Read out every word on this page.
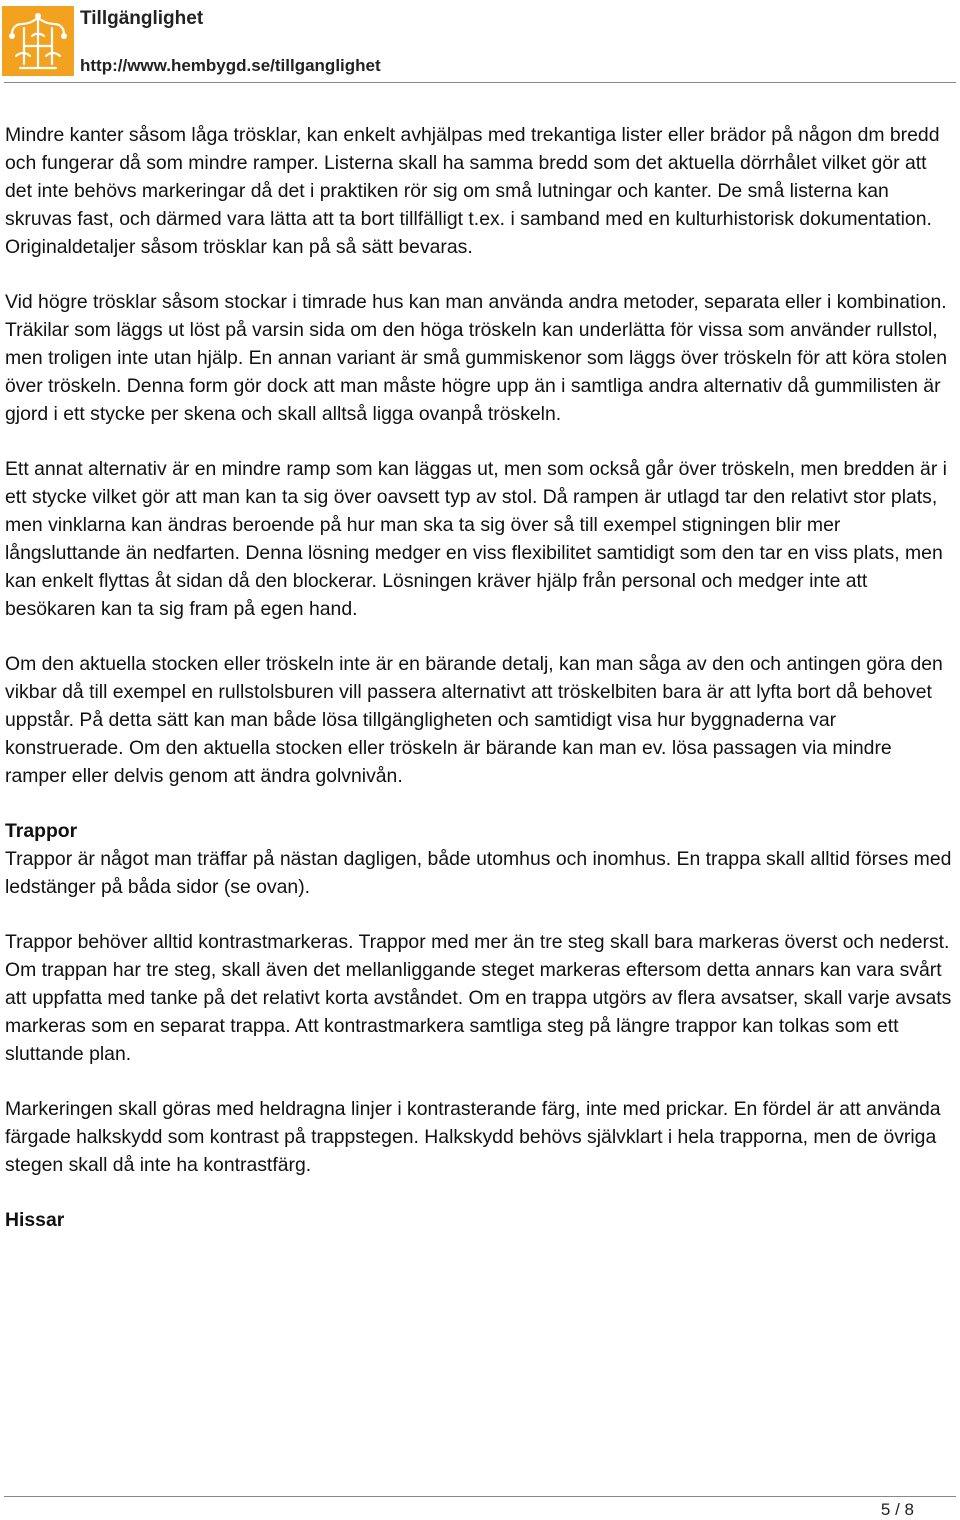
Tillgänglighet
http://www.hembygd.se/tillganglighet

Mindre kanter såsom låga trösklar, kan enkelt avhjälpas med trekantiga lister eller brädor på någon dm bredd och fungerar då som mindre ramper. Listerna skall ha samma bredd som det aktuella dörrhålet vilket gör att det inte behövs markeringar då det i praktiken rör sig om små lutningar och kanter. De små listerna kan skruvas fast, och därmed vara lätta att ta bort tillfälligt t.ex. i samband med en kulturhistorisk dokumentation. Originaldetaljer såsom trösklar kan på så sätt bevaras.

Vid högre trösklar såsom stockar i timrade hus kan man använda andra metoder, separata eller i kombination. Träkilar som läggs ut löst på varsin sida om den höga tröskeln kan underlätta för vissa som använder rullstol, men troligen inte utan hjälp. En annan variant är små gummiskenor som läggs över tröskeln för att köra stolen över tröskeln. Denna form gör dock att man måste högre upp än i samtliga andra alternativ då gummilisten är gjord i ett stycke per skena och skall alltså ligga ovanpå tröskeln.

Ett annat alternativ är en mindre ramp som kan läggas ut, men som också går över tröskeln, men bredden är i ett stycke vilket gör att man kan ta sig över oavsett typ av stol. Då rampen är utlagd tar den relativt stor plats, men vinklarna kan ändras beroende på hur man ska ta sig över så till exempel stigningen blir mer långsluttande än nedfarten. Denna lösning medger en viss flexibilitet samtidigt som den tar en viss plats, men kan enkelt flyttas åt sidan då den blockerar. Lösningen kräver hjälp från personal och medger inte att besökaren kan ta sig fram på egen hand.

Om den aktuella stocken eller tröskeln inte är en bärande detalj, kan man såga av den och antingen göra den vikbar då till exempel en rullstolsburen vill passera alternativt att tröskelbiten bara är att lyfta bort då behovet uppstår. På detta sätt kan man både lösa tillgängligheten och samtidigt visa hur byggnaderna var konstruerade. Om den aktuella stocken eller tröskeln är bärande kan man ev. lösa passagen via mindre ramper eller delvis genom att ändra golvnivån.

Trappor

Trappor är något man träffar på nästan dagligen, både utomhus och inomhus. En trappa skall alltid förses med ledstänger på båda sidor (se ovan).

Trappor behöver alltid kontrastmarkeras. Trappor med mer än tre steg skall bara markeras överst och nederst. Om trappan har tre steg, skall även det mellanliggande steget markeras eftersom detta annars kan vara svårt att uppfatta med tanke på det relativt korta avståndet. Om en trappa utgörs av flera avsatser, skall varje avsats markeras som en separat trappa. Att kontrastmarkera samtliga steg på längre trappor kan tolkas som ett sluttande plan.

Markeringen skall göras med heldragna linjer i kontrasterande färg, inte med prickar. En fördel är att använda färgade halkskydd som kontrast på trappstegen. Halkskydd behövs självklart i hela trapporna, men de övriga stegen skall då inte ha kontrastfärg.

Hissar
5 / 8
